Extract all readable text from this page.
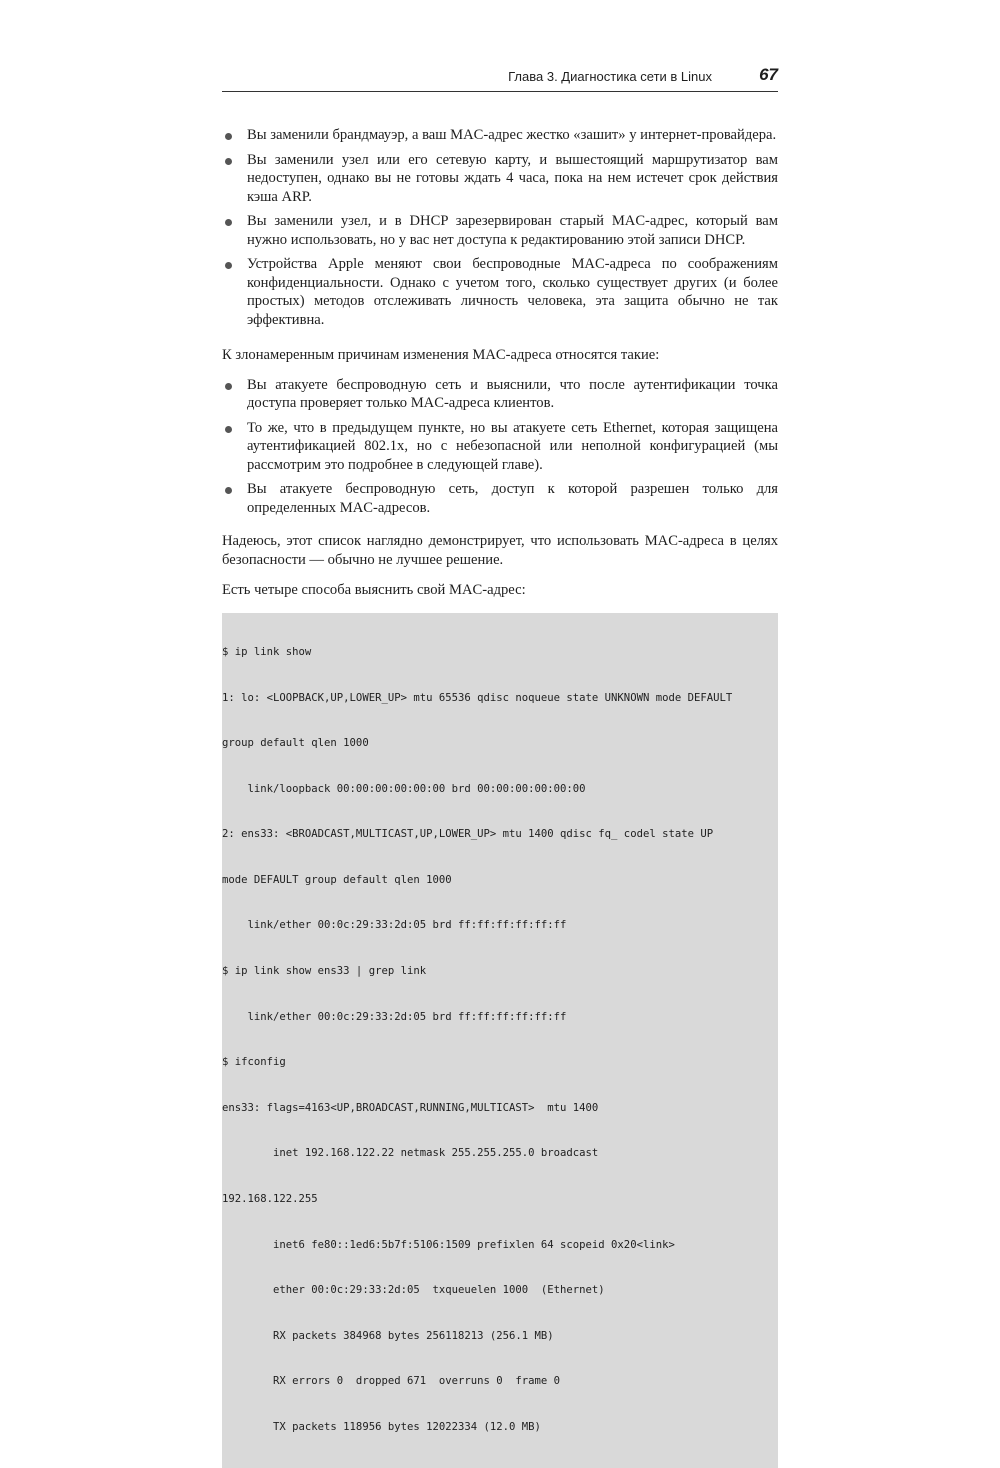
Глава 3. Диагностика сети в Linux	67
Вы заменили брандмауэр, а ваш MAC-адрес жестко «зашит» у интернет-провайдера.
Вы заменили узел или его сетевую карту, и вышестоящий маршрутизатор вам недоступен, однако вы не готовы ждать 4 часа, пока на нем истечет срок действия кэша ARP.
Вы заменили узел, и в DHCP зарезервирован старый MAC-адрес, который вам нужно использовать, но у вас нет доступа к редактированию этой записи DHCP.
Устройства Apple меняют свои беспроводные MAC-адреса по соображениям конфиденциальности. Однако с учетом того, сколько существует других (и более простых) методов отслеживать личность человека, эта защита обычно не так эффективна.

К злонамеренным причинам изменения MAC-адреса относятся такие:

Вы атакуете беспроводную сеть и выяснили, что после аутентификации точка доступа проверяет только MAC-адреса клиентов.
То же, что в предыдущем пункте, но вы атакуете сеть Ethernet, которая защищена аутентификацией 802.1x, но с небезопасной или неполной конфигурацией (мы рассмотрим это подробнее в следующей главе).
Вы атакуете беспроводную сеть, доступ к которой разрешен только для определенных MAC-адресов.

Надеюсь, этот список наглядно демонстрирует, что использовать MAC-адреса в целях безопасности — обычно не лучшее решение.

Есть четыре способа выяснить свой MAC-адрес:

$ ip link show

1: lo: <LOOPBACK,UP,LOWER_UP> mtu 65536 qdisc noqueue state UNKNOWN mode DEFAULT

group default qlen 1000

link/loopback 00:00:00:00:00:00 brd 00:00:00:00:00:00

2: ens33: <BROADCAST,MULTICAST,UP,LOWER_UP> mtu 1400 qdisc fq_ codel state UP

mode DEFAULT group default qlen 1000

link/ether 00:0c:29:33:2d:05 brd ff:ff:ff:ff:ff:ff

$ ip link show ens33 | grep link

link/ether 00:0c:29:33:2d:05 brd ff:ff:ff:ff:ff:ff

$ ifconfig

ens33: flags=4163<UP,BROADCAST,RUNNING,MULTICAST>  mtu 1400

inet 192.168.122.22 netmask 255.255.255.0 broadcast

192.168.122.255

inet6 fe80::1ed6:5b7f:5106:1509 prefixlen 64 scopeid 0x20<link>

ether 00:0c:29:33:2d:05  txqueuelen 1000  (Ethernet)

RX packets 384968 bytes 256118213 (256.1 MB)

RX errors 0  dropped 671  overruns 0  frame 0

TX packets 118956 bytes 12022334 (12.0 MB)
